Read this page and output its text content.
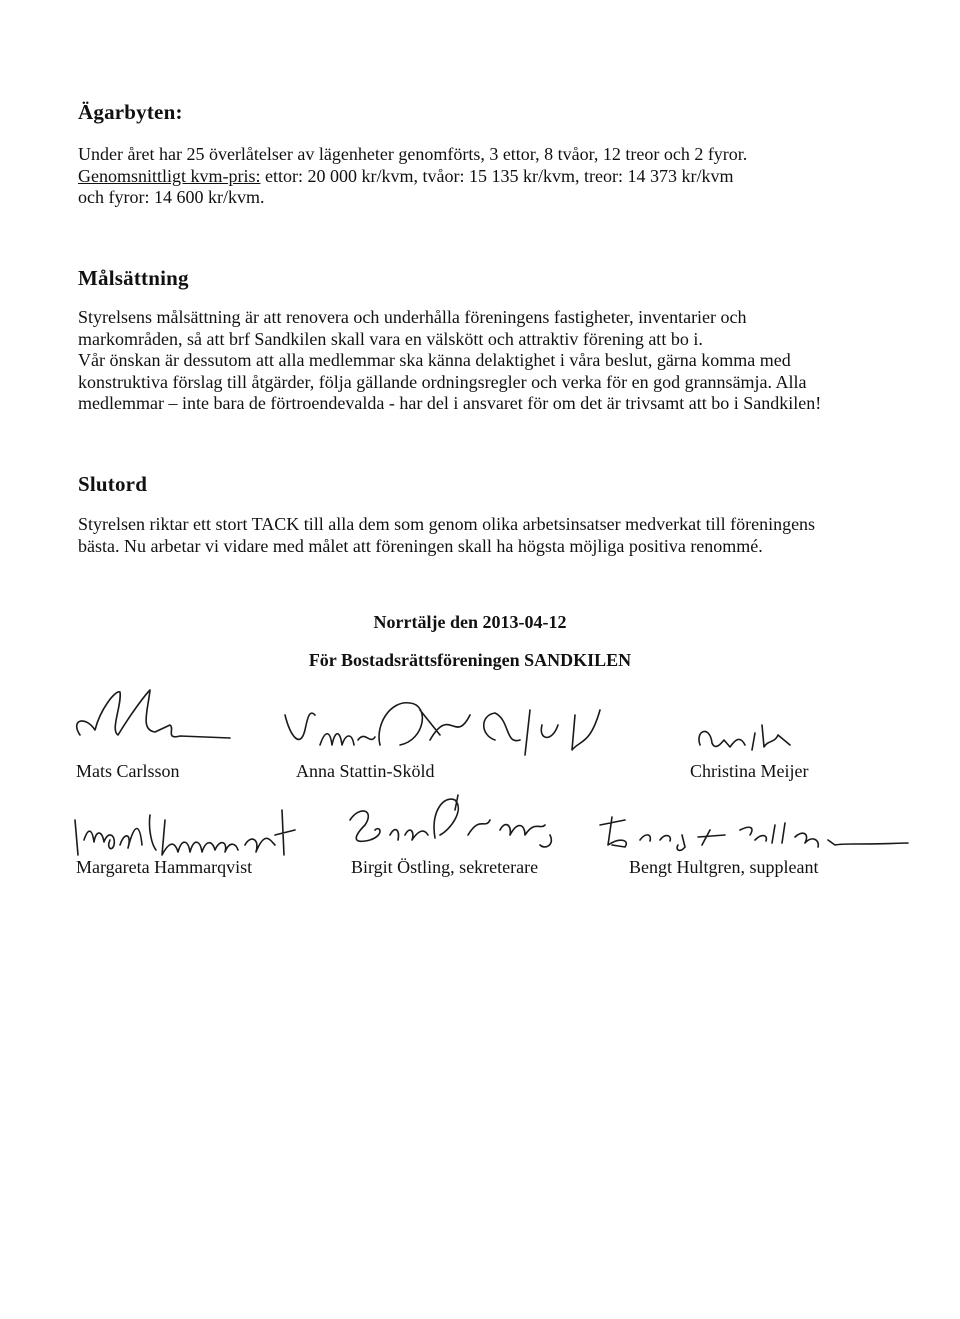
Ägarbyten:
Under året har 25 överlåtelser av lägenheter genomförts, 3 ettor, 8 tvåor, 12 treor och 2 fyror.
Genomsnittligt kvm-pris: ettor: 20 000 kr/kvm, tvåor: 15 135 kr/kvm, treor: 14 373 kr/kvm
och fyror: 14 600 kr/kvm.
Målsättning
Styrelsens målsättning är att renovera och underhålla föreningens fastigheter, inventarier och
markområden, så att brf Sandkilen skall vara en välskött och attraktiv förening att bo i.
Vår önskan är dessutom att alla medlemmar ska känna delaktighet i våra beslut, gärna komma med
konstruktiva förslag till åtgärder, följa gällande ordningsregler och verka för en god grannsämja. Alla
medlemmar – inte bara de förtroendevalda - har del i ansvaret för om det är trivsamt att bo i Sandkilen!
Slutord
Styrelsen riktar ett stort TACK till alla dem som genom olika arbetsinsatser medverkat till föreningens
bästa. Nu arbetar vi vidare med målet att föreningen skall ha högsta möjliga positiva renommé.
Norrtälje den 2013-04-12
För Bostadsrättsföreningen SANDKILEN
Mats Carlsson	Anna Stattin-Sköld	Christina Meijer
Margareta Hammarqvist	Birgit Östling, sekreterare	Bengt Hultgren, suppleant
